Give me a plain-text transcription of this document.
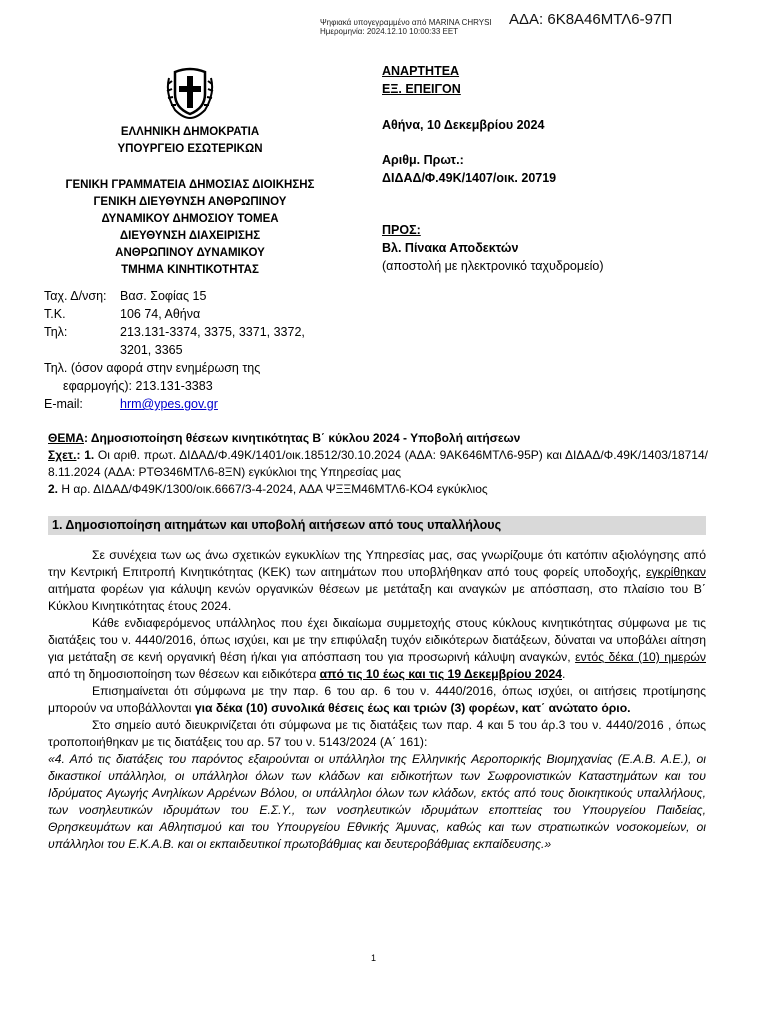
Ψηφιακά υπογεγραμμένο από MARINA CHRYSI
Ημερομηνία: 2024.12.10 10:00:33 EET
ΑΔΑ: 6Κ8Α46ΜΤΛ6-97Π
ΕΛΛΗΝΙΚΗ ΔΗΜΟΚΡΑΤΙΑ
ΥΠΟΥΡΓΕΙΟ ΕΣΩΤΕΡΙΚΩΝ
ΓΕΝΙΚΗ ΓΡΑΜΜΑΤΕΙΑ ΔΗΜΟΣΙΑΣ ΔΙΟΙΚΗΣΗΣ
ΓΕΝΙΚΗ ΔΙΕΥΘΥΝΣΗ ΑΝΘΡΩΠΙΝΟΥ
ΔΥΝΑΜΙΚΟΥ ΔΗΜΟΣΙΟΥ ΤΟΜΕΑ
ΔΙΕΥΘΥΝΣΗ ΔΙΑΧΕΙΡΙΣΗΣ
ΑΝΘΡΩΠΙΝΟΥ ΔΥΝΑΜΙΚΟΥ
ΤΜΗΜΑ ΚΙΝΗΤΙΚΟΤΗΤΑΣ
Ταχ. Δ/νση:	Βασ. Σοφίας 15
Τ.Κ.	106 74, Αθήνα
Τηλ:	213.131-3374, 3375, 3371, 3372,
3201, 3365
Τηλ. (όσον αφορά στην ενημέρωση της
εφαρμογής): 213.131-3383
E-mail:	hrm@ypes.gov.gr
ΑΝΑΡΤΗΤΕΑ
ΕΞ. ΕΠΕΙΓΟΝ
Αθήνα, 10 Δεκεμβρίου 2024
Αριθμ. Πρωτ.:
ΔΙΔΑΔ/Φ.49Κ/1407/οικ. 20719
ΠΡΟΣ:
Βλ. Πίνακα Αποδεκτών
(αποστολή με ηλεκτρονικό ταχυδρομείο)
ΘΕΜΑ: Δημοσιοποίηση θέσεων κινητικότητας Β΄ κύκλου 2024 - Υποβολή αιτήσεων
Σχετ.: 1. Οι αριθ. πρωτ. ΔΙΔΑΔ/Φ.49Κ/1401/οικ.18512/30.10.2024 (ΑΔΑ: 9ΑΚ646ΜΤΛ6-95Ρ) και ΔΙΔΑΔ/Φ.49Κ/1403/18714/ 8.11.2024 (ΑΔΑ: ΡΤΘ346ΜΤΛ6-8ΞΝ) εγκύκλιοι της Υπηρεσίας μας
2. Η αρ. ΔΙΔΑΔ/Φ49Κ/1300/οικ.6667/3-4-2024, ΑΔΑ ΨΞΞΜ46ΜΤΛ6-ΚΟ4 εγκύκλιος
1. Δημοσιοποίηση αιτημάτων και υποβολή αιτήσεων από τους υπαλλήλους

Σε συνέχεια των ως άνω σχετικών εγκυκλίων της Υπηρεσίας μας, σας γνωρίζουμε ότι κατόπιν αξιολόγησης από την Κεντρική Επιτροπή Κινητικότητας (ΚΕΚ) των αιτημάτων που υποβλήθηκαν από τους φορείς υποδοχής, εγκρίθηκαν αιτήματα φορέων για κάλυψη κενών οργανικών θέσεων με μετάταξη και αναγκών με απόσπαση, στο πλαίσιο του Β΄ Κύκλου Κινητικότητας έτους 2024.

Κάθε ενδιαφερόμενος υπάλληλος που έχει δικαίωμα συμμετοχής στους κύκλους κινητικότητας σύμφωνα με τις διατάξεις του ν. 4440/2016, όπως ισχύει, και με την επιφύλαξη τυχόν ειδικότερων διατάξεων, δύναται να υποβάλει αίτηση για μετάταξη σε κενή οργανική θέση ή/και για απόσπαση του για προσωρινή κάλυψη αναγκών, εντός δέκα (10) ημερών από τη δημοσιοποίηση των θέσεων και ειδικότερα από τις 10 έως και τις 19 Δεκεμβρίου 2024.

Επισημαίνεται ότι σύμφωνα με την παρ. 6 του αρ. 6 του ν. 4440/2016, όπως ισχύει, οι αιτήσεις προτίμησης μπορούν να υποβάλλονται για δέκα (10) συνολικά θέσεις έως και τριών (3) φορέων, κατ΄ ανώτατο όριο.

Στο σημείο αυτό διευκρινίζεται ότι σύμφωνα με τις διατάξεις των παρ. 4 και 5 του άρ.3 του ν. 4440/2016 , όπως τροποποιήθηκαν με τις διατάξεις του αρ. 57 του ν. 5143/2024 (Α΄ 161):

«4. Από τις διατάξεις του παρόντος εξαιρούνται οι υπάλληλοι της Ελληνικής Αεροπορικής Βιομηχανίας (Ε.Α.Β. Α.Ε.), οι δικαστικοί υπάλληλοι, οι υπάλληλοι όλων των κλάδων και ειδικοτήτων των Σωφρονιστικών Καταστημάτων και του Ιδρύματος Αγωγής Ανηλίκων Αρρένων Βόλου, οι υπάλληλοι όλων των κλάδων, εκτός από τους διοικητικούς υπαλλήλους, των νοσηλευτικών ιδρυμάτων του Ε.Σ.Υ., των νοσηλευτικών ιδρυμάτων εποπτείας του Υπουργείου Παιδείας, Θρησκευμάτων και Αθλητισμού και του Υπουργείου Εθνικής Άμυνας, καθώς και των στρατιωτικών νοσοκομείων, οι υπάλληλοι του Ε.Κ.Α.Β. και οι εκπαιδευτικοί πρωτοβάθμιας και δευτεροβάθμιας εκπαίδευσης.»

1
